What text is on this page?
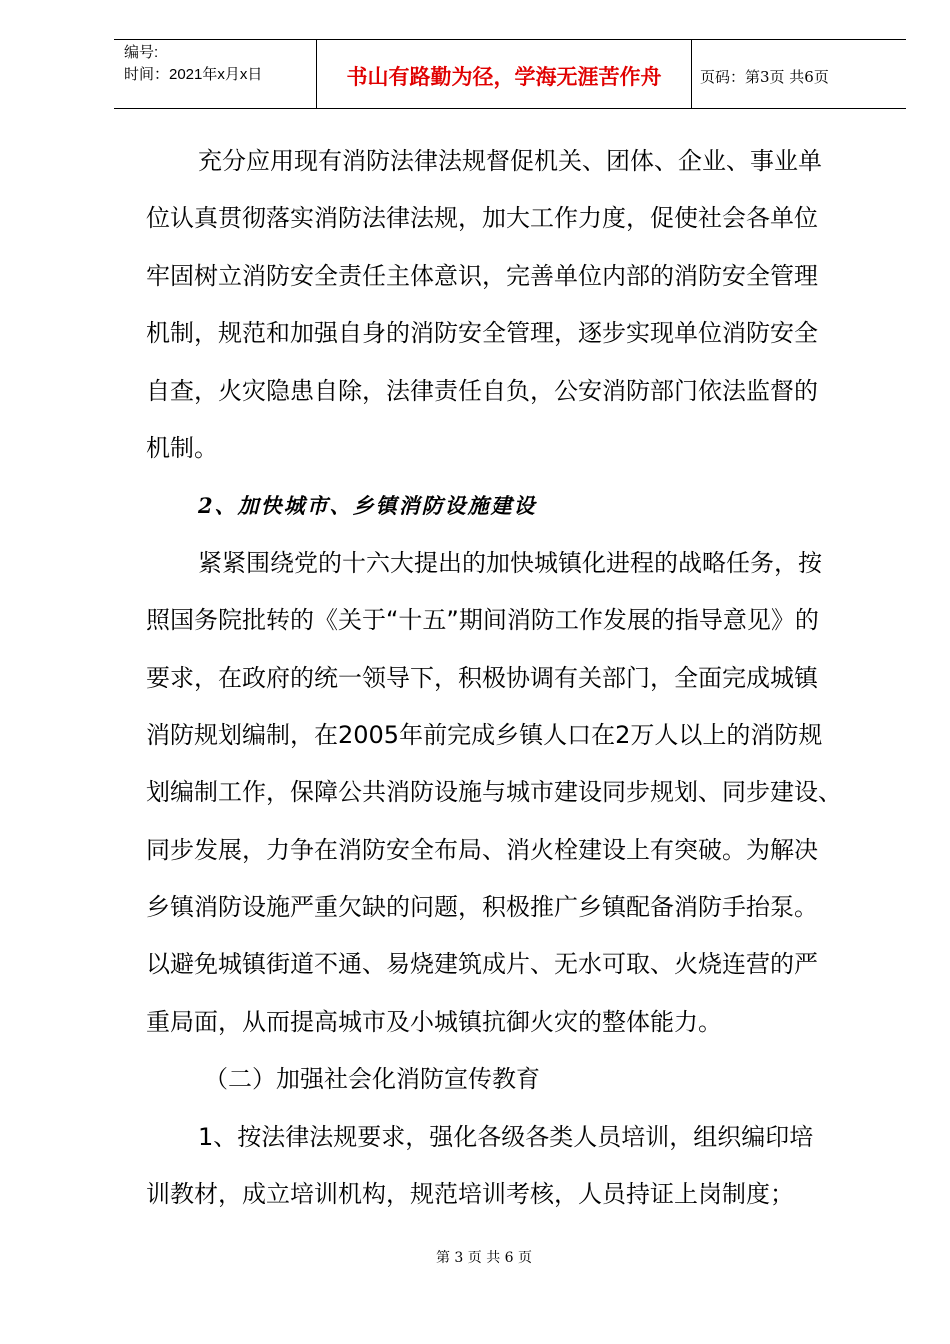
编号:
时间：2021年x月x日	书山有路勤为径，学海无涯苦作舟	页码：第3页 共6页
充分应用现有消防法律法规督促机关、团体、企业、事业单
位认真贯彻落实消防法律法规，加大工作力度，促使社会各单位
牢固树立消防安全责任主体意识，完善单位内部的消防安全管理
机制，规范和加强自身的消防安全管理，逐步实现单位消防安全
自查，火灾隐患自除，法律责任自负，公安消防部门依法监督的
机制。
2、加快城市、乡镇消防设施建设
紧紧围绕党的十六大提出的加快城镇化进程的战略任务，按
照国务院批转的《关于“十五”期间消防工作发展的指导意见》的
要求，在政府的统一领导下，积极协调有关部门，全面完成城镇
消防规划编制，在2005年前完成乡镇人口在2万人以上的消防规
划编制工作，保障公共消防设施与城市建设同步规划、同步建设、
同步发展，力争在消防安全布局、消火栓建设上有突破。为解决
乡镇消防设施严重欠缺的问题，积极推广乡镇配备消防手抬泵。
以避免城镇街道不通、易烧建筑成片、无水可取、火烧连营的严
重局面，从而提高城市及小城镇抗御火灾的整体能力。
（二）加强社会化消防宣传教育
1、按法律法规要求，强化各级各类人员培训，组织编印培
训教材，成立培训机构，规范培训考核，人员持证上岗制度；
第 3 页 共 6 页
